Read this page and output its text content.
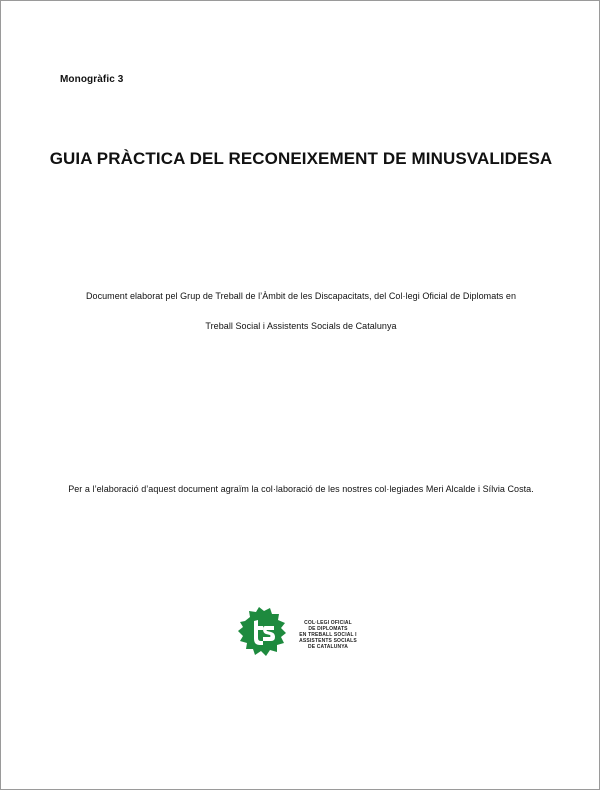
Monogràfic 3
GUIA PRÀCTICA DEL RECONEIXEMENT DE MINUSVALIDESA
Document elaborat pel Grup de Treball de l’Àmbit de les Discapacitats, del Col·legi Oficial de Diplomats en
Treball Social i Assistents Socials de Catalunya
Per a l’elaboració d’aquest document agraïm la col·laboració de les nostres col·legiades Meri Alcalde i Sílvia Costa.
COL·LEGI OFICIAL
DE DIPLOMATS
EN TREBALL SOCIAL I
ASSISTENTS SOCIALS
DE CATALUNYA
